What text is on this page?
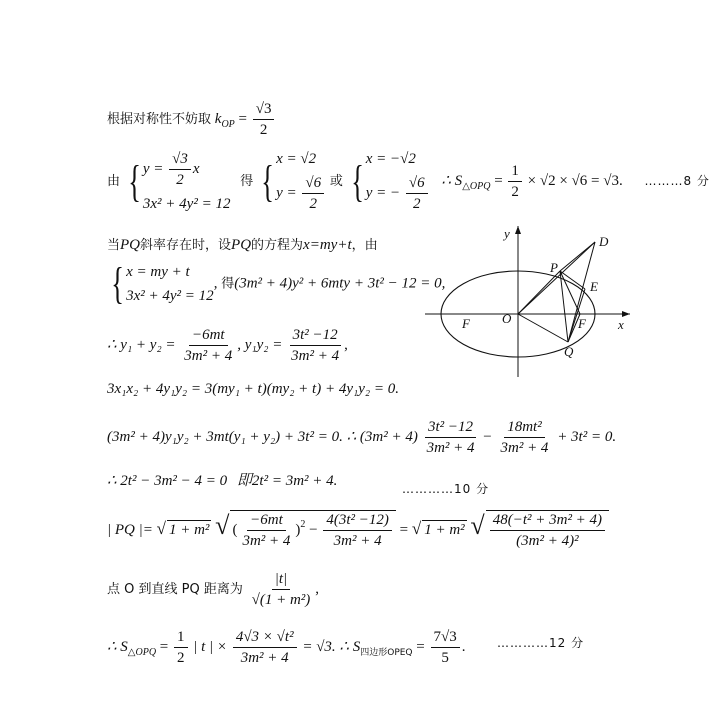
根据对称性不妨取 $k_{OP} = \frac{√3}{2}$
由 { $y = \frac{√3}{2}$ x
3x² + 4y² = 12
得 { x = √2
$y = \frac{√6}{2}$ 或 { x = −√2
y = − $\frac{√6}{2}$ ∴ $S_{\triangle OPQ} = \frac{1}{2} \times √2 \times √6 = √3$. ………8 分
当PQ斜率存在时，设PQ的方程为x=my+t，由
{ x = my + t
3x² + 4y² = 12
, 得(3m² + 4)y² + 6mty + 3t² − 12 = 0,
∴ $y_1 + y_2 = \frac{-6mt}{\text{3m² + 4}}$ , $y_1y_2 = \frac{\text{3t² −12}}{\text{3m² + 4}}$ ,
3x₁x₂ + 4y₁y₂ = 3(my₁ + t)(my₂ + t) + 4y₁y₂ = 0.
(3m² + 4)y₁y₂ + 3mt(y₁ + y₂) + 3t² = 0. ∴ $(3m^2 + 4) \frac{\text{3t² −12}}{\text{3m² + 4}} - \frac{\text{18mt²}}{\text{3m² + 4}} + 3t^2 = 0$.
∴ 2t² − 3m² − 4 = 0 即2t² = 3m² + 4.	…………10 分
| PQ |= √ 1 + m² √( $\frac{-6mt}{\text{3m² + 4}} )^2 - \frac{\text{4(3t² −12)}}{\text{3m² + 4}}$ = √ 1 + m² √ $\frac{\text{48(−t² + 3m² + 4)}}{\text{(3m² + 4)²}}$
点 O 到直线 PQ 距离为 $\frac{|t|}{\text{√(1 + m²)}}$ ,
∴ $S_{\triangle OPQ} = \frac{1}{2}$ | t | × $\frac{\text{4√3 × √t²}}{\text{3m² + 4}} = √3$. ∴ $S_{四边形OPEQ} = \frac{7√3}{5}$ .	…………12 分
y
x
O
F	F
P
Q
D
E
